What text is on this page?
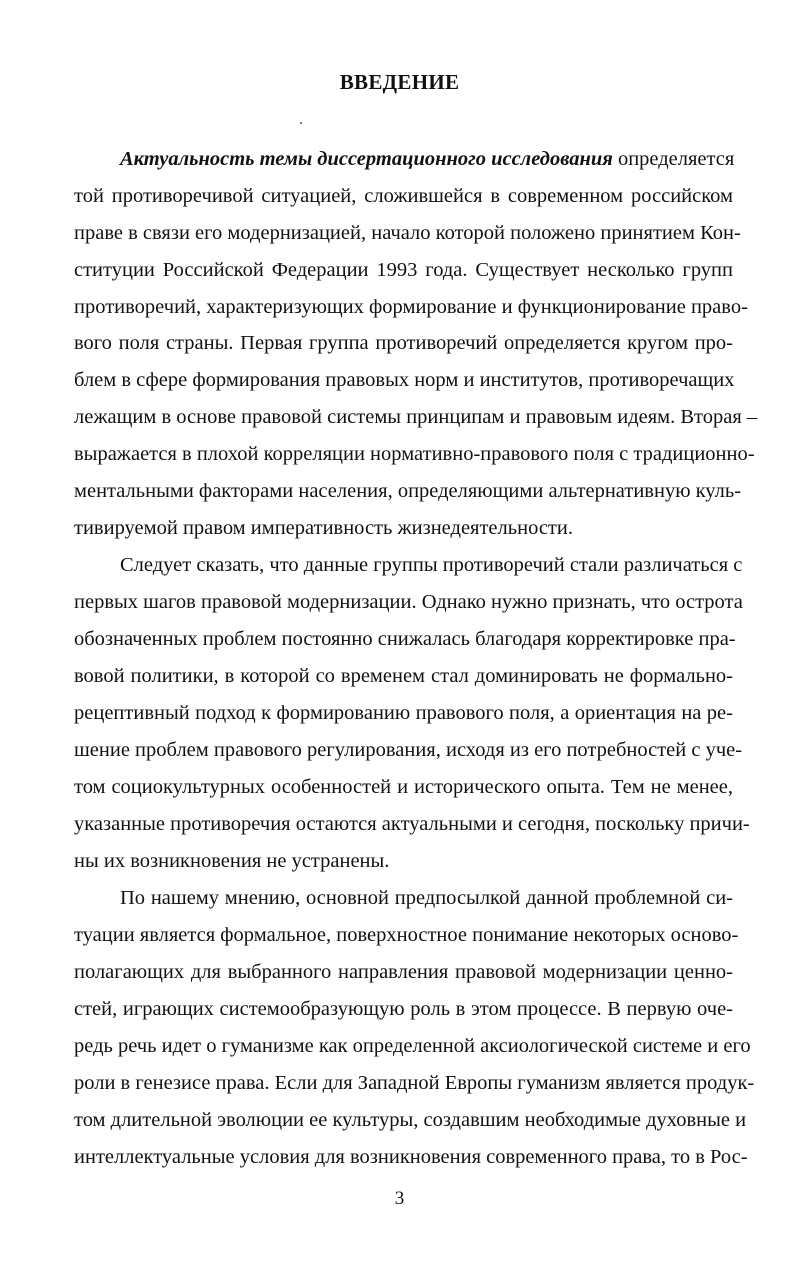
ВВЕДЕНИЕ
Актуальность темы диссертационного исследования определяется
той противоречивой ситуацией, сложившейся в современном российском
праве в связи его модернизацией, начало которой положено принятием Кон-
ституции Российской Федерации 1993 года. Существует несколько групп
противоречий, характеризующих формирование и функционирование право-
вого поля страны. Первая группа противоречий определяется кругом про-
блем в сфере формирования правовых норм и институтов, противоречащих
лежащим в основе правовой системы принципам и правовым идеям. Вторая –
выражается в плохой корреляции нормативно-правового поля с традиционно-
ментальными факторами населения, определяющими альтернативную куль-
тивируемой правом императивность жизнедеятельности.
Следует сказать, что данные группы противоречий стали различаться с
первых шагов правовой модернизации. Однако нужно признать, что острота
обозначенных проблем постоянно снижалась благодаря корректировке пра-
вовой политики, в которой со временем стал доминировать не формально-
рецептивный подход к формированию правового поля, а ориентация на ре-
шение проблем правового регулирования, исходя из его потребностей с уче-
том социокультурных особенностей и исторического опыта. Тем не менее,
указанные противоречия остаются актуальными и сегодня, поскольку причи-
ны их возникновения не устранены.
По нашему мнению, основной предпосылкой данной проблемной си-
туации является формальное, поверхностное понимание некоторых осново-
полагающих для выбранного направления правовой модернизации ценно-
стей, играющих системообразующую роль в этом процессе. В первую оче-
редь речь идет о гуманизме как определенной аксиологической системе и его
роли в генезисе права. Если для Западной Европы гуманизм является продук-
том длительной эволюции ее культуры, создавшим необходимые духовные и
интеллектуальные условия для возникновения современного права, то в Рос-
3
